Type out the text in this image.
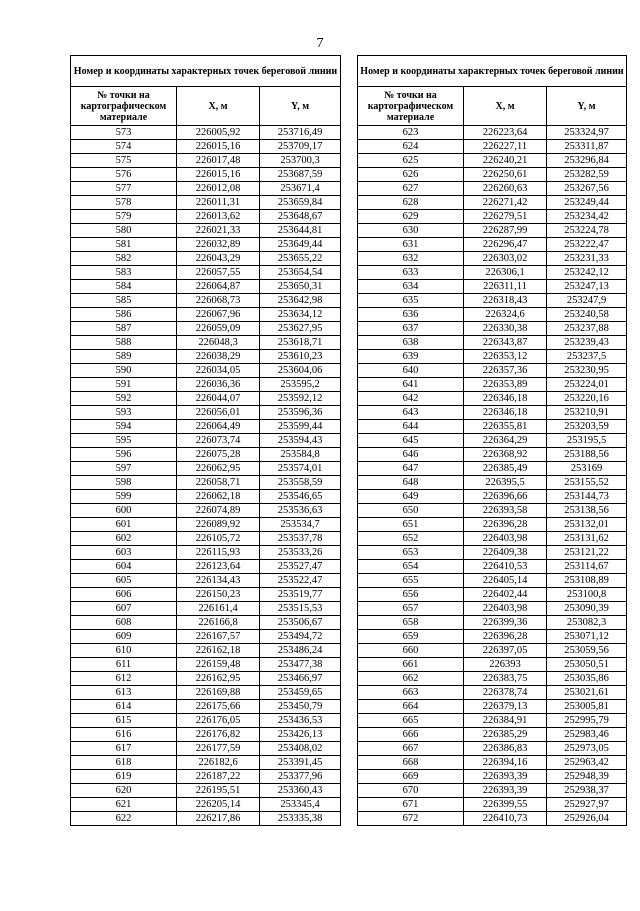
7
Номер и координаты характерных точек береговой линии		
№ точки на картографическом материале	X, м	Y, м
573	226005,92	253716,49
574	226015,16	253709,17
575	226017,48	253700,3
576	226015,16	253687,59
577	226012,08	253671,4
578	226011,31	253659,84
579	226013,62	253648,67
580	226021,33	253644,81
581	226032,89	253649,44
582	226043,29	253655,22
583	226057,55	253654,54
584	226064,87	253650,31
585	226068,73	253642,98
586	226067,96	253634,12
587	226059,09	253627,95
588	226048,3	253618,71
589	226038,29	253610,23
590	226034,05	253604,06
591	226036,36	253595,2
592	226044,07	253592,12
593	226056,01	253596,36
594	226064,49	253599,44
595	226073,74	253594,43
596	226075,28	253584,8
597	226062,95	253574,01
598	226058,71	253558,59
599	226062,18	253546,65
600	226074,89	253536,63
601	226089,92	253534,7
602	226105,72	253537,78
603	226115,93	253533,26
604	226123,64	253527,47
605	226134,43	253522,47
606	226150,23	253519,77
607	226161,4	253515,53
608	226166,8	253506,67
609	226167,57	253494,72
610	226162,18	253486,24
611	226159,48	253477,38
612	226162,95	253466,97
613	226169,88	253459,65
614	226175,66	253450,79
615	226176,05	253436,53
616	226176,82	253426,13
617	226177,59	253408,02
618	226182,6	253391,45
619	226187,22	253377,96
620	226195,51	253360,43
621	226205,14	253345,4
622	226217,86	253335,38
Номер и координаты характерных точек береговой линии		
№ точки на картографическом материале	X, м	Y, м
623	226223,64	253324,97
624	226227,11	253311,87
625	226240,21	253296,84
626	226250,61	253282,59
627	226260,63	253267,56
628	226271,42	253249,44
629	226279,51	253234,42
630	226287,99	253224,78
631	226296,47	253222,47
632	226303,02	253231,33
633	226306,1	253242,12
634	226311,11	253247,13
635	226318,43	253247,9
636	226324,6	253240,58
637	226330,38	253237,88
638	226343,87	253239,43
639	226353,12	253237,5
640	226357,36	253230,95
641	226353,89	253224,01
642	226346,18	253220,16
643	226346,18	253210,91
644	226355,81	253203,59
645	226364,29	253195,5
646	226368,92	253188,56
647	226385,49	253169
648	226395,5	253155,52
649	226396,66	253144,73
650	226393,58	253138,56
651	226396,28	253132,01
652	226403,98	253131,62
653	226409,38	253121,22
654	226410,53	253114,67
655	226405,14	253108,89
656	226402,44	253100,8
657	226403,98	253090,39
658	226399,36	253082,3
659	226396,28	253071,12
660	226397,05	253059,56
661	226393	253050,51
662	226383,75	253035,86
663	226378,74	253021,61
664	226379,13	253005,81
665	226384,91	252995,79
666	226385,29	252983,46
667	226386,83	252973,05
668	226394,16	252963,42
669	226393,39	252948,39
670	226393,39	252938,37
671	226399,55	252927,97
672	226410,73	252926,04
